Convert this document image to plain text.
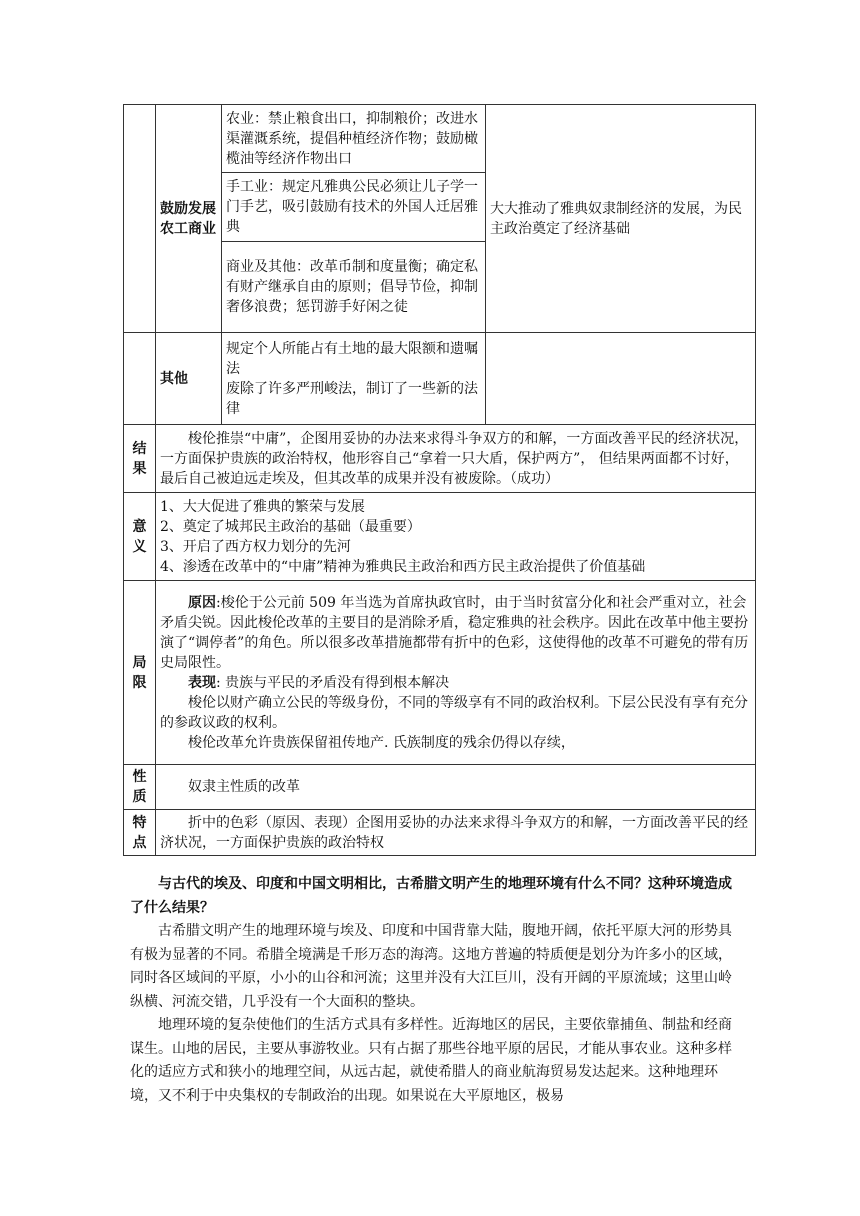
	鼓励发展农工商业	农业：禁止粮食出口，抑制粮价；改进水渠灌溉系统，提倡种植经济作物；鼓励橄榄油等经济作物出口	大大推动了雅典奴隶制经济的发展，为民主政治奠定了经济基础
		手工业：规定凡雅典公民必须让儿子学一门手艺，吸引鼓励有技术的外国人迁居雅典	
		商业及其他：改革币制和度量衡；确定私有财产继承自由的原则；倡导节俭，抑制奢侈浪费；惩罚游手好闲之徒	
	其他	规定个人所能占有土地的最大限额和遗嘱法
废除了许多严刑峻法，制订了一些新的法律	

结果	梭伦推崇“中庸”，企图用妥协的办法来求得斗争双方的和解，一方面改善平民的经济状况，一方面保护贵族的政治特权，他形容自己“拿着一只大盾，保护两方”， 但结果两面都不讨好，最后自己被迫远走埃及，但其改革的成果并没有被废除。（成功）		
意义	1、大大促进了雅典的繁荣与发展
2、奠定了城邦民主政治的基础（最重要）
3、开启了西方权力划分的先河
4、渗透在改革中的“中庸”精神为雅典民主政治和西方民主政治提供了价值基础		

局限	原因:梭伦于公元前 509 年当选为首席执政官时，由于当时贫富分化和社会严重对立，社会矛盾尖锐。因此梭伦改革的主要目的是消除矛盾，稳定雅典的社会秩序。因此在改革中他主要扮演了“调停者”的角色。所以很多改革措施都带有折中的色彩，这使得他的改革不可避免的带有历史局限性。
表现: 贵族与平民的矛盾没有得到根本解决
梭伦以财产确立公民的等级身份，不同的等级享有不同的政治权利。下层公民没有享有充分的参政议政的权利。
梭伦改革允许贵族保留祖传地产. 氏族制度的残余仍得以存续，		

性质	奴隶主性质的改革		
特点	折中的色彩（原因、表现）企图用妥协的办法来求得斗争双方的和解，一方面改善平民的经济状况，一方面保护贵族的政治特权		

与古代的埃及、印度和中国文明相比，古希腊文明产生的地理环境有什么不同？这种环境造成了什么结果？

古希腊文明产生的地理环境与埃及、印度和中国背靠大陆，腹地开阔，依托平原大河的形势具有极为显著的不同。希腊全境满是千形万态的海湾。这地方普遍的特质便是划分为许多小的区域，同时各区域间的平原，小小的山谷和河流；这里并没有大江巨川，没有开阔的平原流域；这里山岭纵横、河流交错，几乎没有一个大面积的整块。

地理环境的复杂使他们的生活方式具有多样性。近海地区的居民，主要依靠捕鱼、制盐和经商谋生。山地的居民，主要从事游牧业。只有占据了那些谷地平原的居民，才能从事农业。这种多样化的适应方式和狭小的地理空间，从远古起，就使希腊人的商业航海贸易发达起来。这种地理环境，又不利于中央集权的专制政治的出现。如果说在大平原地区，极易
